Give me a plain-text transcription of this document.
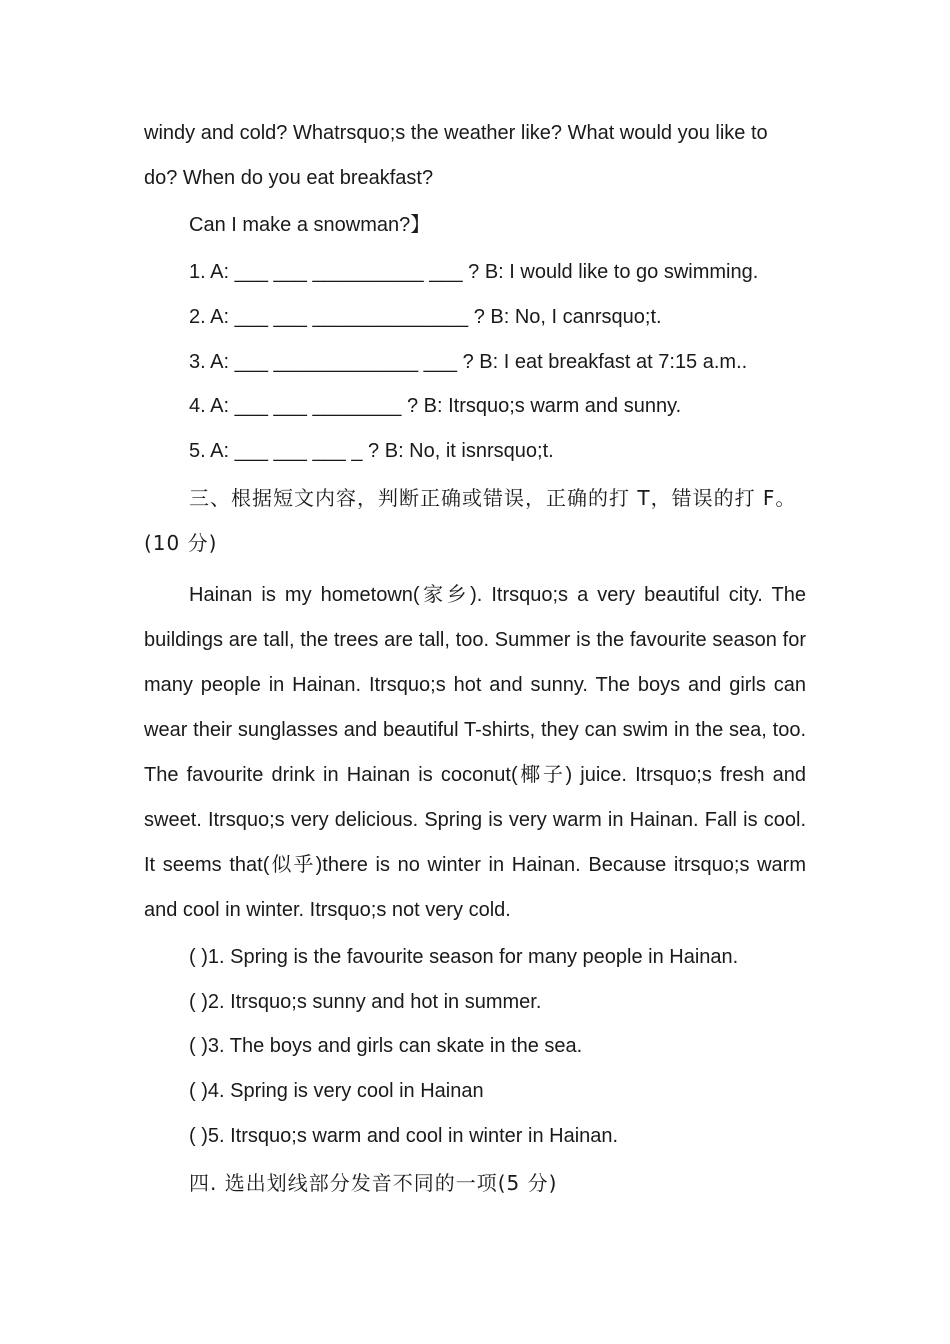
windy and cold? Whatrsquo;s the weather like? What would you like to

do? When do you eat breakfast?

Can I make a snowman?】

1. A: ___ ___ __________ ___ ? B: I would like to go swimming.

2. A: ___ ___ ______________ ? B: No, I canrsquo;t.

3. A: ___ _____________ ___ ? B: I eat breakfast at 7:15 a.m..

4. A: ___ ___ ________ ? B: Itrsquo;s warm and sunny.

5. A: ___ ___ ___ _ ? B: No, it isnrsquo;t.

三、根据短文内容，判断正确或错误，正确的打 T，错误的打 F。(10 分)

Hainan is my hometown(家乡). Itrsquo;s a very beautiful city. The buildings are tall, the trees are tall, too. Summer is the favourite season for many people in Hainan. Itrsquo;s hot and sunny. The boys and girls can wear their sunglasses and beautiful T-shirts, they can swim in the sea, too. The favourite drink in Hainan is coconut(椰子) juice. Itrsquo;s fresh and sweet. Itrsquo;s very delicious. Spring is very warm in Hainan. Fall is cool. It seems that(似乎)there is no winter in Hainan. Because itrsquo;s warm and cool in winter. Itrsquo;s not very cold.

( )1. Spring is the favourite season for many people in Hainan.

( )2. Itrsquo;s sunny and hot in summer.

( )3. The boys and girls can skate in the sea.

( )4. Spring is very cool in Hainan

( )5. Itrsquo;s warm and cool in winter in Hainan.

四. 选出划线部分发音不同的一项(5 分)
